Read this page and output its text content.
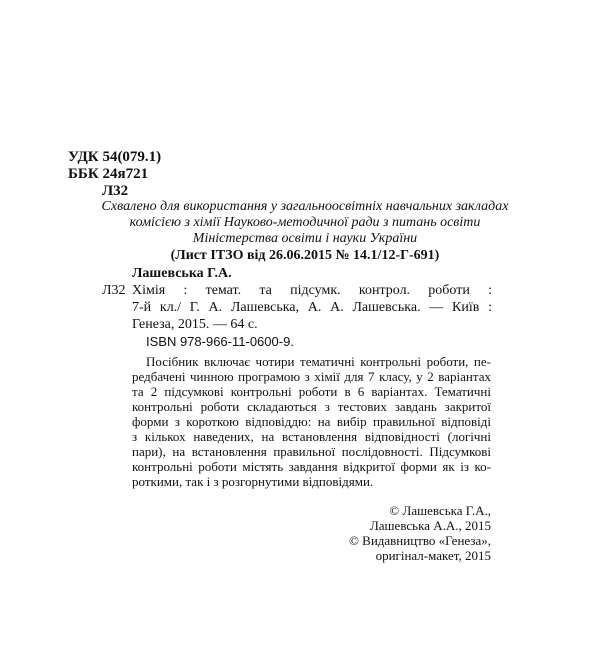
УДК 54(079.1)
ББК 24я721
Л32
Схвалено для використання у загальноосвітніх навчальних закладах
комісією з хімії Науково-методичної ради з питань освіти
Міністерства освіти і науки України
(Лист ІТЗО від 26.06.2015 № 14.1/12-Г-691)
Лашевська Г.А.
Л32 Хімія : темат. та підсумк. контрол. роботи :
7-й кл./ Г. А. Лашевська, А. А. Лашевська. — Київ :
Генеза, 2015. — 64 с.
ISBN 978-966-11-0600-9.
Посібник включає чотири тематичні контрольні роботи, пе-
редбачені чинною програмою з хімії для 7 класу, у 2 варіантах
та 2 підсумкові контрольні роботи в 6 варіантах. Тематичні
контрольні роботи складаються з тестових завдань закритої
форми з короткою відповіддю: на вибір правильної відповіді
з кількох наведених, на встановлення відповідності (логічні
пари), на встановлення правильної послідовності. Підсумкові
контрольні роботи містять завдання відкритої форми як із ко-
роткими, так і з розгорнутими відповідями.
© Лашевська Г.А.,
Лашевська А.А., 2015
© Видавництво «Генеза»,
оригінал-макет, 2015
